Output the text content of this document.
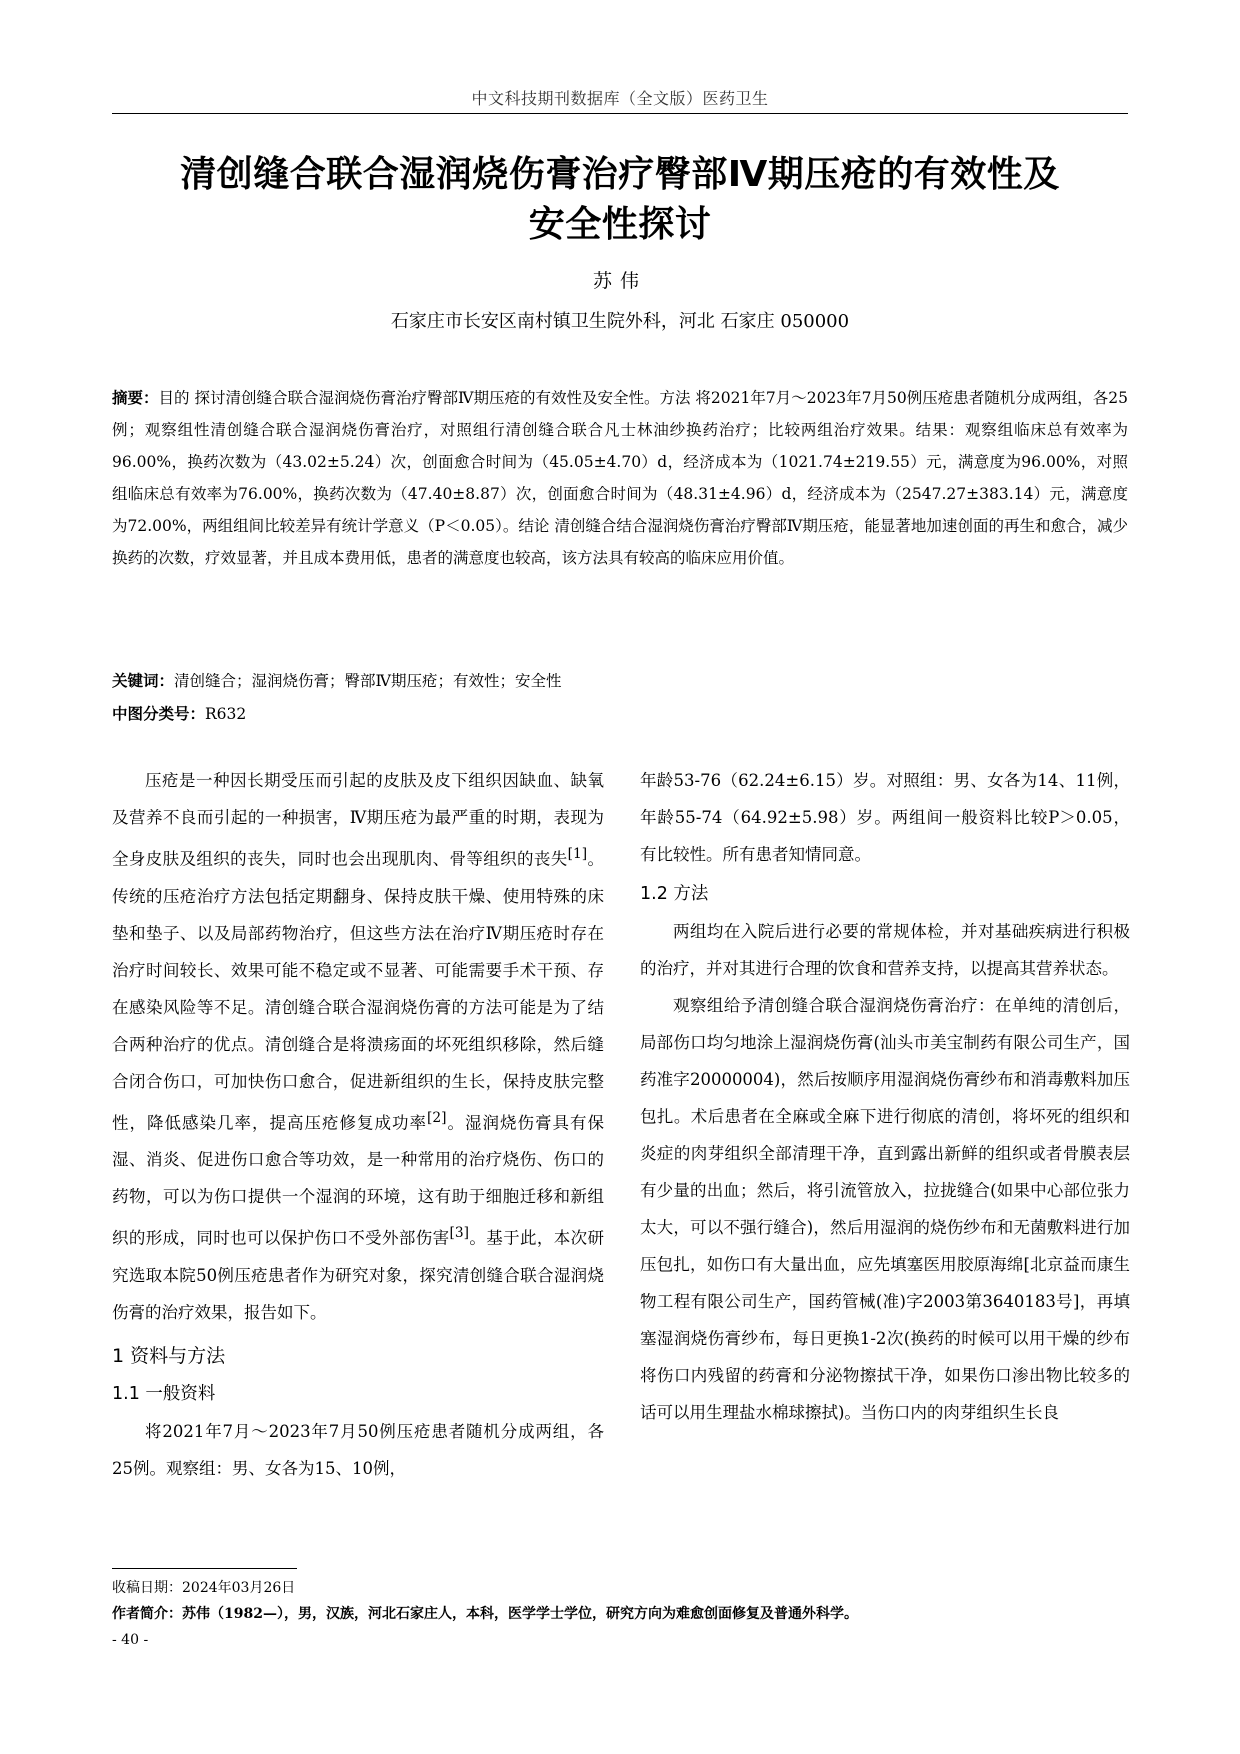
中文科技期刊数据库（全文版）医药卫生
清创缝合联合湿润烧伤膏治疗臀部Ⅳ期压疮的有效性及
安全性探讨
苏伟
石家庄市长安区南村镇卫生院外科，河北 石家庄 050000
摘要：目的 探讨清创缝合联合湿润烧伤膏治疗臀部Ⅳ期压疮的有效性及安全性。方法 将2021年7月～2023年7月50例压疮患者随机分成两组，各25例；观察组性清创缝合联合湿润烧伤膏治疗，对照组行清创缝合联合凡士林油纱换药治疗；比较两组治疗效果。结果：观察组临床总有效率为96.00%，换药次数为（43.02±5.24）次，创面愈合时间为（45.05±4.70）d，经济成本为（1021.74±219.55）元，满意度为96.00%，对照组临床总有效率为76.00%，换药次数为（47.40±8.87）次，创面愈合时间为（48.31±4.96）d，经济成本为（2547.27±383.14）元，满意度为72.00%，两组组间比较差异有统计学意义（P＜0.05）。结论 清创缝合结合湿润烧伤膏治疗臀部Ⅳ期压疮，能显著地加速创面的再生和愈合，减少换药的次数，疗效显著，并且成本费用低，患者的满意度也较高，该方法具有较高的临床应用价值。
关键词：清创缝合；湿润烧伤膏；臀部Ⅳ期压疮；有效性；安全性
中图分类号：R632

压疮是一种因长期受压而引起的皮肤及皮下组织因缺血、缺氧及营养不良而引起的一种损害，Ⅳ期压疮为最严重的时期，表现为全身皮肤及组织的丧失，同时也会出现肌肉、骨等组织的丧失[1]。传统的压疮治疗方法包括定期翻身、保持皮肤干燥、使用特殊的床垫和垫子、以及局部药物治疗，但这些方法在治疗Ⅳ期压疮时存在治疗时间较长、效果可能不稳定或不显著、可能需要手术干预、存在感染风险等不足。清创缝合联合湿润烧伤膏的方法可能是为了结合两种治疗的优点。清创缝合是将溃疡面的坏死组织移除，然后缝合闭合伤口，可加快伤口愈合，促进新组织的生长，保持皮肤完整性，降低感染几率，提高压疮修复成功率[2]。湿润烧伤膏具有保湿、消炎、促进伤口愈合等功效，是一种常用的治疗烧伤、伤口的药物，可以为伤口提供一个湿润的环境，这有助于细胞迁移和新组织的形成，同时也可以保护伤口不受外部伤害[3]。基于此，本次研究选取本院50例压疮患者作为研究对象，探究清创缝合联合湿润烧伤膏的治疗效果，报告如下。

1 资料与方法
1.1 一般资料

将2021年7月～2023年7月50例压疮患者随机分成两组，各25例。观察组：男、女各为15、10例，

年龄53-76（62.24±6.15）岁。对照组：男、女各为14、11例，年龄55-74（64.92±5.98）岁。两组间一般资料比较P＞0.05，有比较性。所有患者知情同意。

1.2 方法

两组均在入院后进行必要的常规体检，并对基础疾病进行积极的治疗，并对其进行合理的饮食和营养支持，以提高其营养状态。

观察组给予清创缝合联合湿润烧伤膏治疗：在单纯的清创后，局部伤口均匀地涂上湿润烧伤膏(汕头市美宝制药有限公司生产，国药准字20000004)，然后按顺序用湿润烧伤膏纱布和消毒敷料加压包扎。术后患者在全麻或全麻下进行彻底的清创，将坏死的组织和炎症的肉芽组织全部清理干净，直到露出新鲜的组织或者骨膜表层有少量的出血；然后，将引流管放入，拉拢缝合(如果中心部位张力太大，可以不强行缝合)，然后用湿润的烧伤纱布和无菌敷料进行加压包扎，如伤口有大量出血，应先填塞医用胶原海绵[北京益而康生物工程有限公司生产，国药管械(准)字2003第3640183号]，再填塞湿润烧伤膏纱布，每日更换1-2次(换药的时候可以用干燥的纱布将伤口内残留的药膏和分泌物擦拭干净，如果伤口渗出物比较多的话可以用生理盐水棉球擦拭)。当伤口内的肉芽组织生长良

收稿日期：2024年03月26日
作者简介：苏伟（1982—），男，汉族，河北石家庄人，本科，医学学士学位，研究方向为难愈创面修复及普通外科学。
- 40 -
